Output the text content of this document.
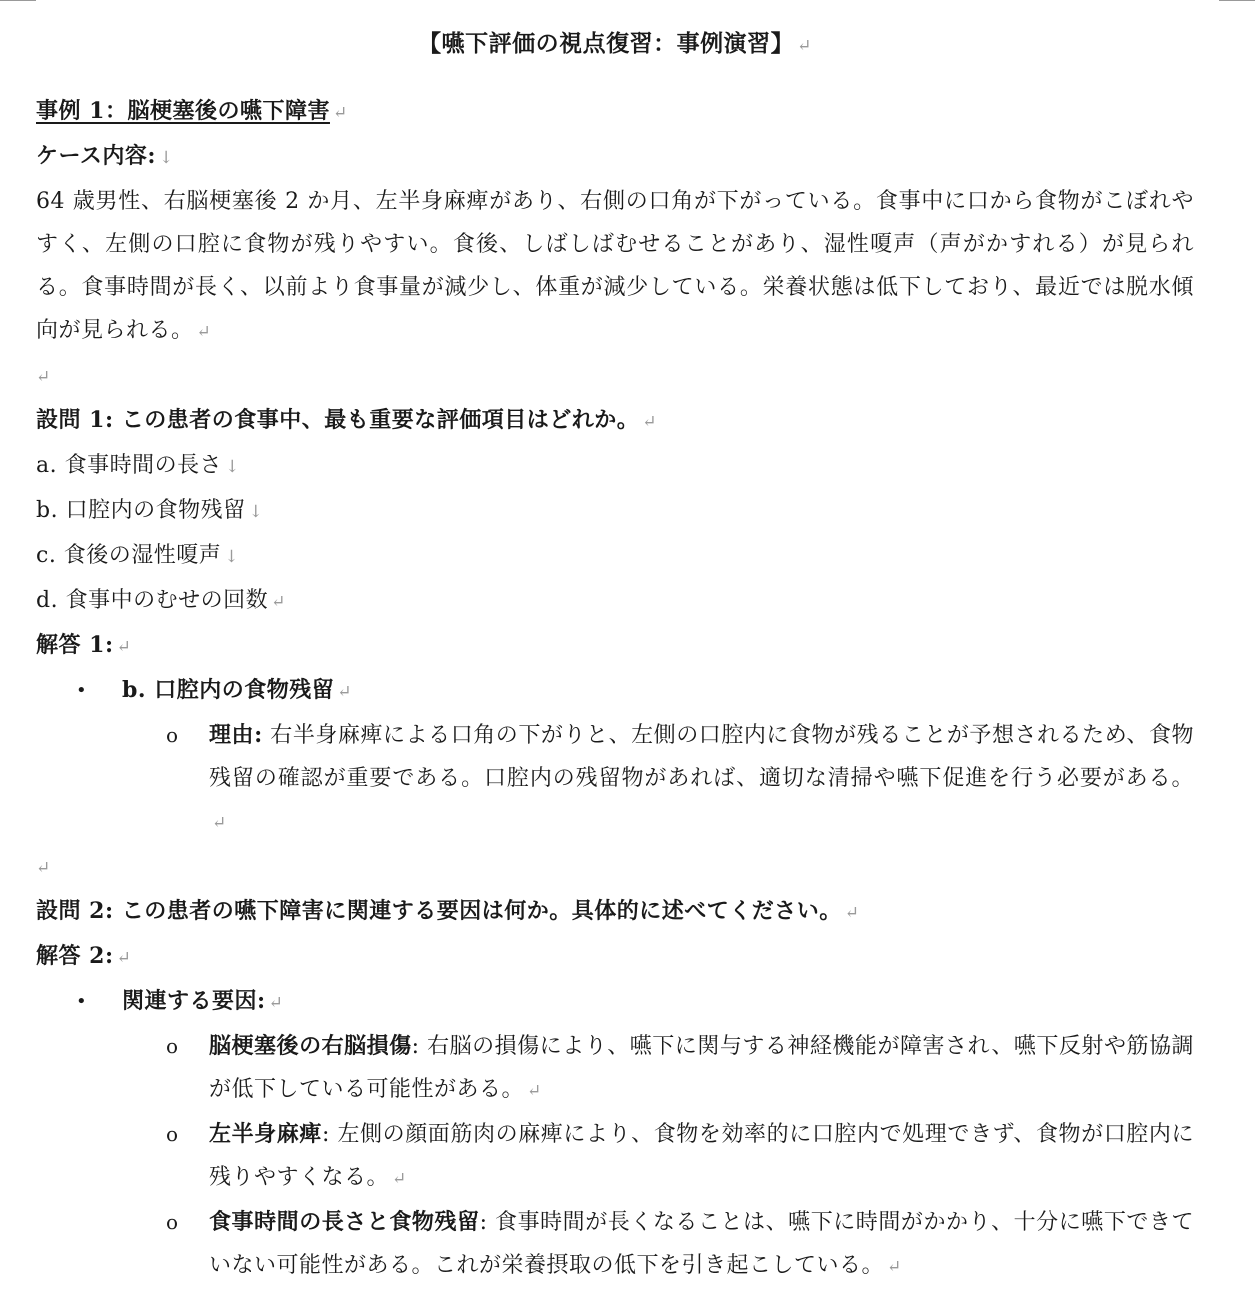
【嚥下評価の視点復習：事例演習】 ↵

事例 1：脳梗塞後の嚥下障害 ↵

ケース内容: ↓

64 歳男性、右脳梗塞後 2 か月、左半身麻痺があり、右側の口角が下がっている。食事中に口から食物がこぼれやすく、左側の口腔に食物が残りやすい。食後、しばしばむせることがあり、湿性嗄声（声がかすれる）が見られる。食事時間が長く、以前より食事量が減少し、体重が減少している。栄養状態は低下しており、最近では脱水傾向が見られる。 ↵

↵

設問 1: この患者の食事中、最も重要な評価項目はどれか。 ↵

a. 食事時間の長さ ↓

b. 口腔内の食物残留 ↓

c. 食後の湿性嗄声 ↓

d. 食事中のむせの回数 ↵

解答 1: ↵

• b. 口腔内の食物残留 ↵

o 理由: 右半身麻痺による口角の下がりと、左側の口腔内に食物が残ることが予想されるため、食物残留の確認が重要である。口腔内の残留物があれば、適切な清掃や嚥下促進を行う必要がある。↵

↵

設問 2: この患者の嚥下障害に関連する要因は何か。具体的に述べてください。 ↵

解答 2: ↵

• 関連する要因: ↵

o 脳梗塞後の右脳損傷: 右脳の損傷により、嚥下に関与する神経機能が障害され、嚥下反射や筋協調が低下している可能性がある。 ↵

o 左半身麻痺: 左側の顔面筋肉の麻痺により、食物を効率的に口腔内で処理できず、食物が口腔内に残りやすくなる。 ↵

o 食事時間の長さと食物残留: 食事時間が長くなることは、嚥下に時間がかかり、十分に嚥下できていない可能性がある。これが栄養摂取の低下を引き起こしている。 ↵
